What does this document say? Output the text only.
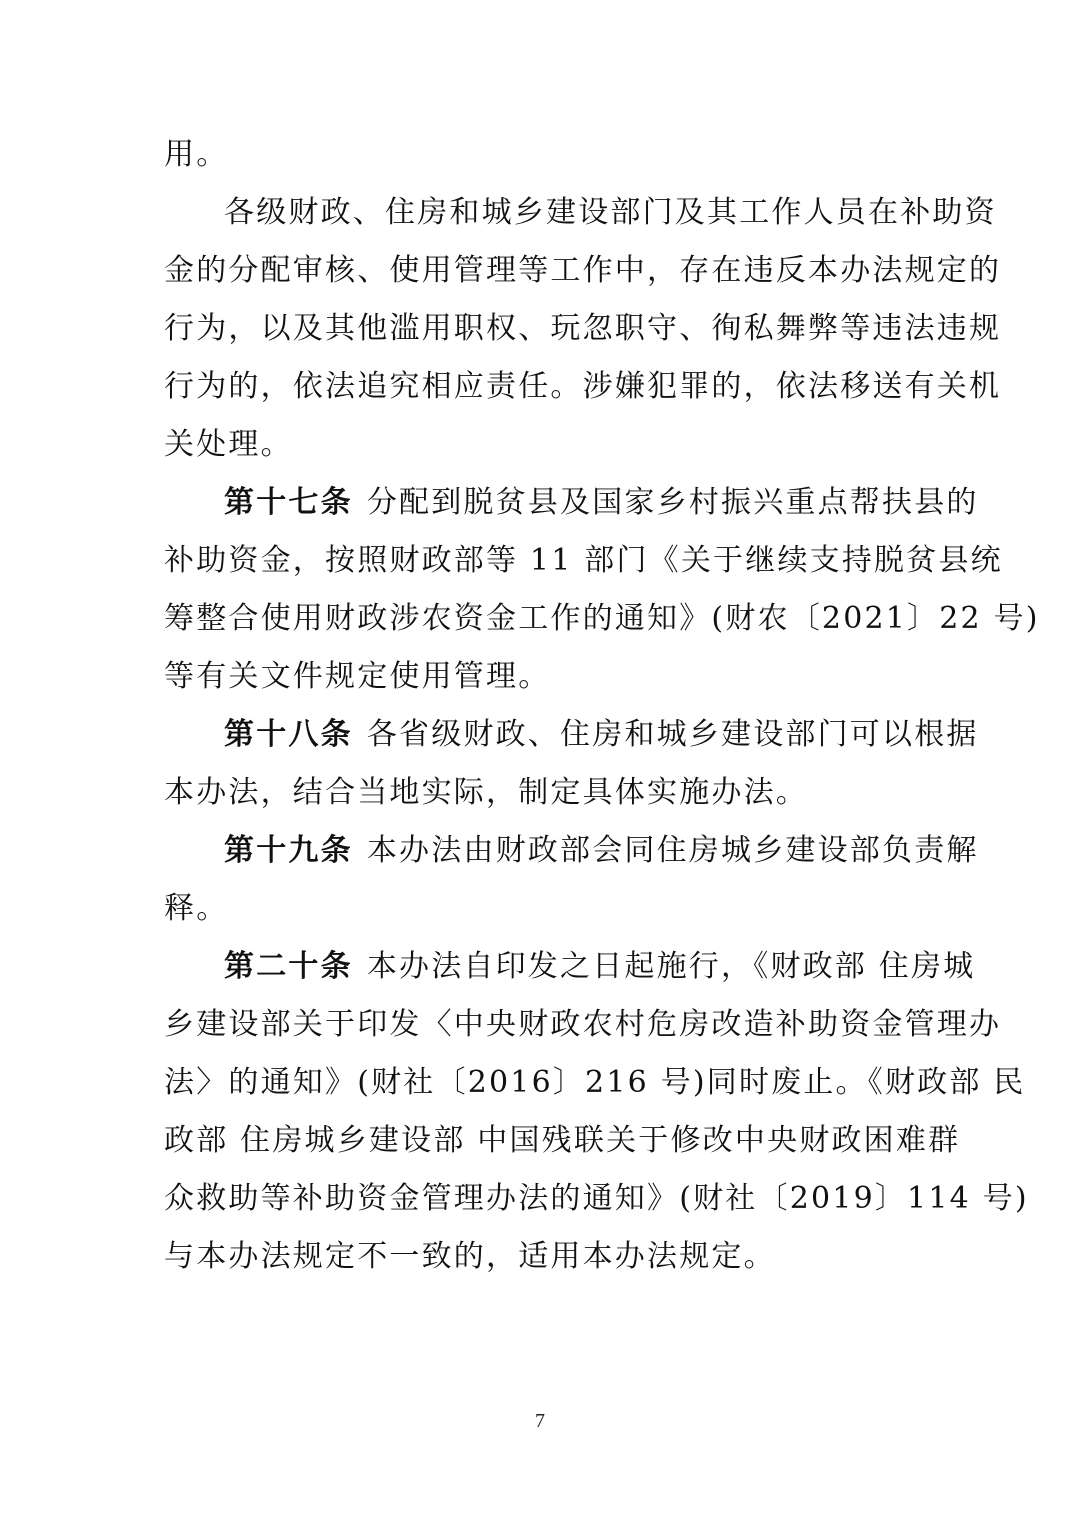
用。
各级财政、住房和城乡建设部门及其工作人员在补助资
金的分配审核、使用管理等工作中，存在违反本办法规定的
行为，以及其他滥用职权、玩忽职守、徇私舞弊等违法违规
行为的，依法追究相应责任。涉嫌犯罪的，依法移送有关机
关处理。
第十七条 分配到脱贫县及国家乡村振兴重点帮扶县的
补助资金，按照财政部等 11 部门《关于继续支持脱贫县统
筹整合使用财政涉农资金工作的通知》(财农〔2021〕22 号)
等有关文件规定使用管理。
第十八条 各省级财政、住房和城乡建设部门可以根据
本办法，结合当地实际，制定具体实施办法。
第十九条 本办法由财政部会同住房城乡建设部负责解
释。
第二十条 本办法自印发之日起施行，《财政部 住房城
乡建设部关于印发〈中央财政农村危房改造补助资金管理办
法〉的通知》(财社〔2016〕216 号)同时废止。《财政部 民
政部 住房城乡建设部 中国残联关于修改中央财政困难群
众救助等补助资金管理办法的通知》(财社〔2019〕114 号)
与本办法规定不一致的，适用本办法规定。
7
